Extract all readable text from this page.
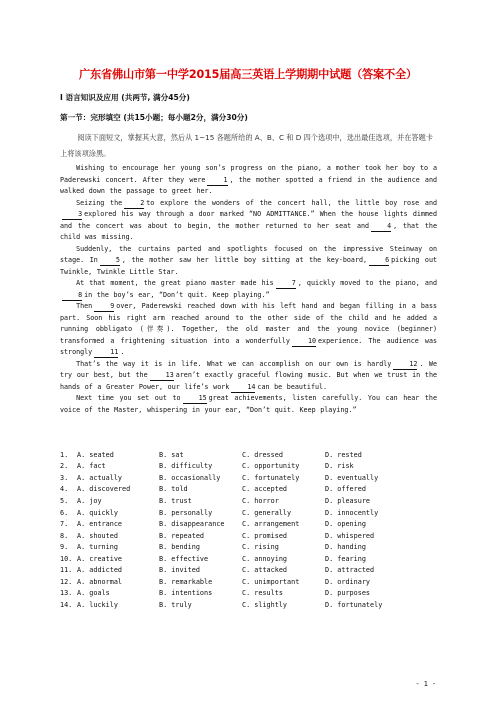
广东省佛山市第一中学2015届高三英语上学期期中试题（答案不全）
I 语言知识及应用 (共两节, 满分45分)
第一节：完形填空 (共15小题；每小题2分，满分30分)
阅读下面短文，掌握其大意，然后从 1~15 各题所给的 A、B、C 和 D 四个选项中，选出最佳选项，并在答题卡上将该项涂黑。

Wishing to encourage her young son’s progress on the piano, a mother took her boy to a Paderewski concert. After they were	1 , the mother spotted a friend in the audience and walked down the passage to greet her.

Seizing the	2 to explore the wonders of the concert hall, the little boy rose and3 explored his way through a door marked “NO ADMITTANCE.” When the house lights dimmed and the concert was about to begin, the mother returned to her seat and	4 , that the child was missing.

Suddenly, the curtains parted and spotlights focused on the impressive Steinway on stage. In	5 , the mother saw her little boy sitting at the key-board,	6 picking out Twinkle, Twinkle Little Star.

At that moment, the great piano master made his	7 , quickly moved to the piano, and8 in the boy’s ear, “Don’t quit. Keep playing.”

Then	9 over, Paderewski reached down with his left hand and began filling in a bass part. Soon his right arm reached around to the other side of the child and he added a running obbligato (伴奏). Together, the old master and the young novice (beginner) transformed a frightening situation into a wonderfully	10 experience. The audience was strongly	11 .

That’s the way it is in life. What we can accomplish on our own is hardly	12 . We try our best, but the	13 aren’t exactly graceful flowing music. But when we trust in the hands of a Greater Power, our life’s work	14 can be beautiful.

Next time you set out to	15 great achievements, listen carefully. You can hear the voice of the Master, whispering in your ear, “Don’t quit. Keep playing.”

1.	A. seated	B. sat	C. dressed	D. rested
2.	A. fact	B. difficulty	C. opportunity	D. risk
3.	A. actually	B. occasionally	C. fortunately	D. eventually
4.	A. discovered	B. told	C. accepted	D. offered
5.	A. joy	B. trust	C. horror	D. pleasure
6.	A. quickly	B. personally	C. generally	D. innocently
7.	A. entrance	B. disappearance	C. arrangement	D. opening
8.	A. shouted	B. repeated	C. promised	D. whispered
9.	A. turning	B. bending	C. rising	D. handing
10. A. creative	B. effective	C. annoying	D. fearing
11. A. addicted	B. invited	C. attacked	D. attracted
12. A. abnormal	B. remarkable	C. unimportant	D. ordinary
13. A. goals	B. intentions	C. results	D. purposes
14. A. luckily	B. truly	C. slightly	D. fortunately
- 1 -
